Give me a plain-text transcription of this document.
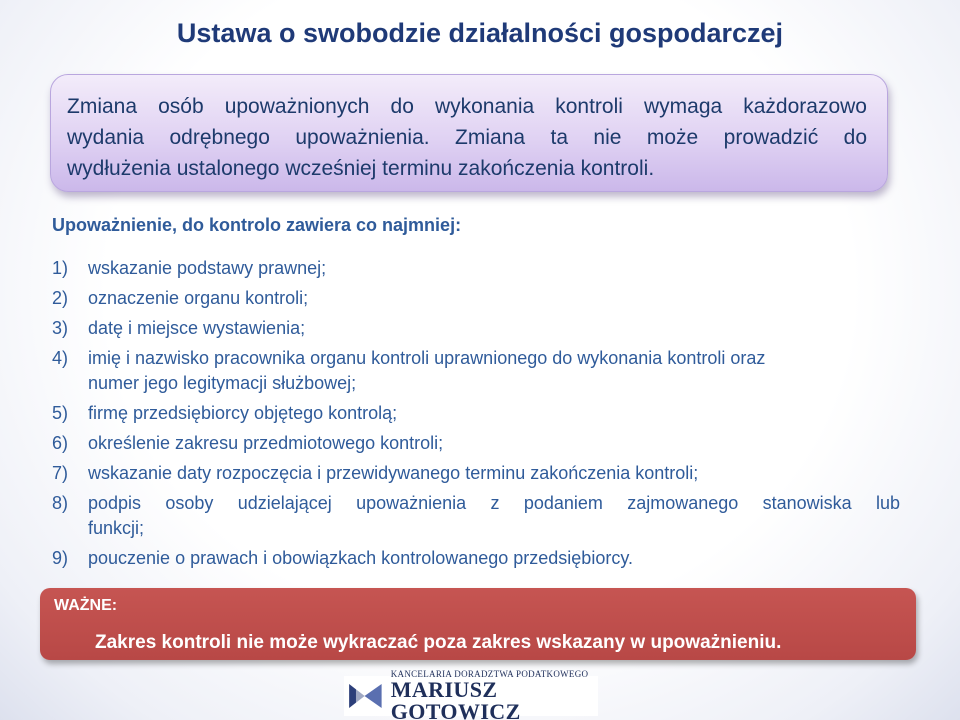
Ustawa o swobodzie działalności gospodarczej
Zmiana osób upoważnionych do wykonania kontroli wymaga każdorazowo
wydania odrębnego upoważnienia. Zmiana ta nie może prowadzić do
wydłużenia ustalonego wcześniej terminu zakończenia kontroli.
Upoważnienie, do kontrolo zawiera co najmniej:
1)	wskazanie podstawy prawnej;
2)	oznaczenie organu kontroli;
3)	datę i miejsce wystawienia;
4)	imię i nazwisko pracownika organu kontroli uprawnionego do wykonania kontroli oraz
numer jego legitymacji służbowej;
5)	firmę przedsiębiorcy objętego kontrolą;
6)	określenie zakresu przedmiotowego kontroli;
7)	wskazanie daty rozpoczęcia i przewidywanego terminu zakończenia kontroli;
8)	podpis osoby udzielającej upoważnienia z podaniem zajmowanego stanowiska lub
funkcji;
9)	pouczenie o prawach i obowiązkach kontrolowanego przedsiębiorcy.
WAŻNE:
Zakres kontroli nie może wykraczać poza zakres wskazany w upoważnieniu.
KANCELARIA DORADZTWA PODATKOWEGO
MARIUSZ GOTOWICZ
